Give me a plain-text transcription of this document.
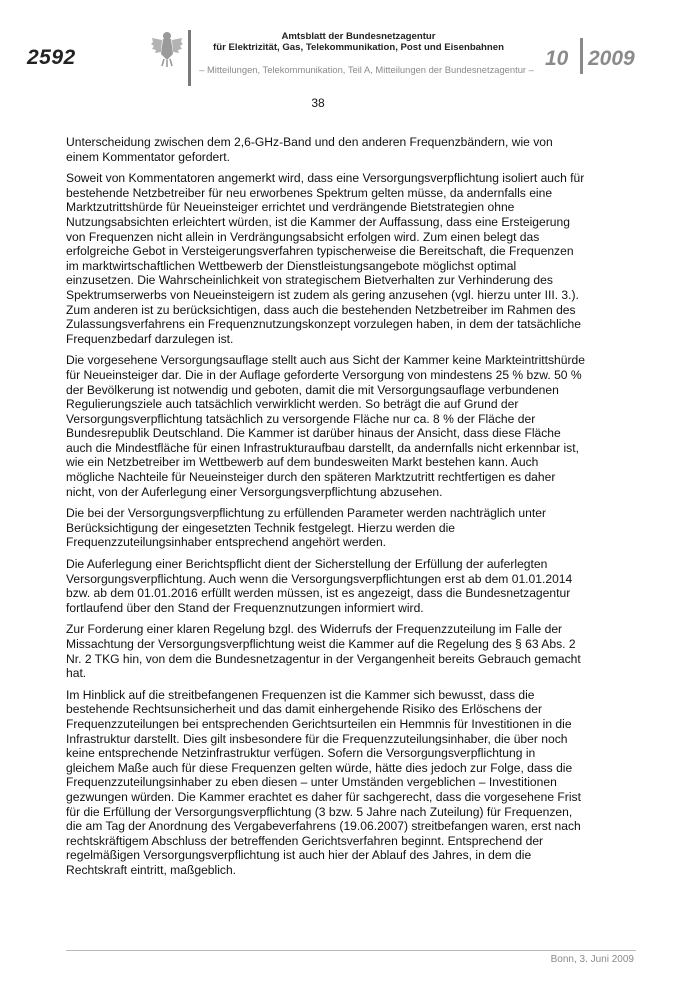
2592
Amtsblatt der Bundesnetzagentur
für Elektrizität, Gas, Telekommunikation, Post und Eisenbahnen
– Mitteilungen, Telekommunikation, Teil A, Mitteilungen der Bundesnetzagentur – 10 2009
38

Unterscheidung zwischen dem 2,6-GHz-Band und den anderen Frequenzbändern, wie von einem Kommentator gefordert.

Soweit von Kommentatoren angemerkt wird, dass eine Versorgungsverpflichtung isoliert auch für bestehende Netzbetreiber für neu erworbenes Spektrum gelten müsse, da andernfalls eine Marktzutrittshürde für Neueinsteiger errichtet und verdrängende Bietstrategien ohne Nutzungsabsichten erleichtert würden, ist die Kammer der Auffassung, dass eine Ersteigerung von Frequenzen nicht allein in Verdrängungsabsicht erfolgen wird. Zum einen belegt das erfolgreiche Gebot in Versteigerungsverfahren typischerweise die Bereitschaft, die Frequenzen im marktwirtschaftlichen Wettbewerb der Dienstleistungsangebote möglichst optimal einzusetzen. Die Wahrscheinlichkeit von strategischem Bietverhalten zur Verhinderung des Spektrumserwerbs von Neueinsteigern ist zudem als gering anzusehen (vgl. hierzu unter III. 3.). Zum anderen ist zu berücksichtigen, dass auch die bestehenden Netzbetreiber im Rahmen des Zulassungsverfahrens ein Frequenznutzungskonzept vorzulegen haben, in dem der tatsächliche Frequenzbedarf darzulegen ist.

Die vorgesehene Versorgungsauflage stellt auch aus Sicht der Kammer keine Markteintrittshürde für Neueinsteiger dar. Die in der Auflage geforderte Versorgung von mindestens 25 % bzw. 50 % der Bevölkerung ist notwendig und geboten, damit die mit Versorgungsauflage verbundenen Regulierungsziele auch tatsächlich verwirklicht werden. So beträgt die auf Grund der Versorgungsverpflichtung tatsächlich zu versorgende Fläche nur ca. 8 % der Fläche der Bundesrepublik Deutschland. Die Kammer ist darüber hinaus der Ansicht, dass diese Fläche auch die Mindestfläche für einen Infrastrukturaufbau darstellt, da andernfalls nicht erkennbar ist, wie ein Netzbetreiber im Wettbewerb auf dem bundesweiten Markt bestehen kann. Auch mögliche Nachteile für Neueinsteiger durch den späteren Marktzutritt rechtfertigen es daher nicht, von der Auferlegung einer Versorgungsverpflichtung abzusehen.

Die bei der Versorgungsverpflichtung zu erfüllenden Parameter werden nachträglich unter Berücksichtigung der eingesetzten Technik festgelegt. Hierzu werden die Frequenzzuteilungsinhaber entsprechend angehört werden.

Die Auferlegung einer Berichtspflicht dient der Sicherstellung der Erfüllung der auferlegten Versorgungsverpflichtung. Auch wenn die Versorgungsverpflichtungen erst ab dem 01.01.2014 bzw. ab dem 01.01.2016 erfüllt werden müssen, ist es angezeigt, dass die Bundesnetzagentur fortlaufend über den Stand der Frequenznutzungen informiert wird.

Zur Forderung einer klaren Regelung bzgl. des Widerrufs der Frequenzzuteilung im Falle der Missachtung der Versorgungsverpflichtung weist die Kammer auf die Regelung des § 63 Abs. 2 Nr. 2 TKG hin, von dem die Bundesnetzagentur in der Vergangenheit bereits Gebrauch gemacht hat.

Im Hinblick auf die streitbefangenen Frequenzen ist die Kammer sich bewusst, dass die bestehende Rechtsunsicherheit und das damit einhergehende Risiko des Erlöschens der Frequenzzuteilungen bei entsprechenden Gerichtsurteilen ein Hemmnis für Investitionen in die Infrastruktur darstellt. Dies gilt insbesondere für die Frequenzzuteilungsinhaber, die über noch keine entsprechende Netzinfrastruktur verfügen. Sofern die Versorgungsverpflichtung in gleichem Maße auch für diese Frequenzen gelten würde, hätte dies jedoch zur Folge, dass die Frequenzzuteilungsinhaber zu eben diesen – unter Umständen vergeblichen – Investitionen gezwungen würden. Die Kammer erachtet es daher für sachgerecht, dass die vorgesehene Frist für die Erfüllung der Versorgungsverpflichtung (3 bzw. 5 Jahre nach Zuteilung) für Frequenzen, die am Tag der Anordnung des Vergabeverfahrens (19.06.2007) streitbefangen waren, erst nach rechtskräftigem Abschluss der betreffenden Gerichtsverfahren beginnt. Entsprechend der regelmäßigen Versorgungsverpflichtung ist auch hier der Ablauf des Jahres, in dem die Rechtskraft eintritt, maßgeblich.

Bonn, 3. Juni 2009
